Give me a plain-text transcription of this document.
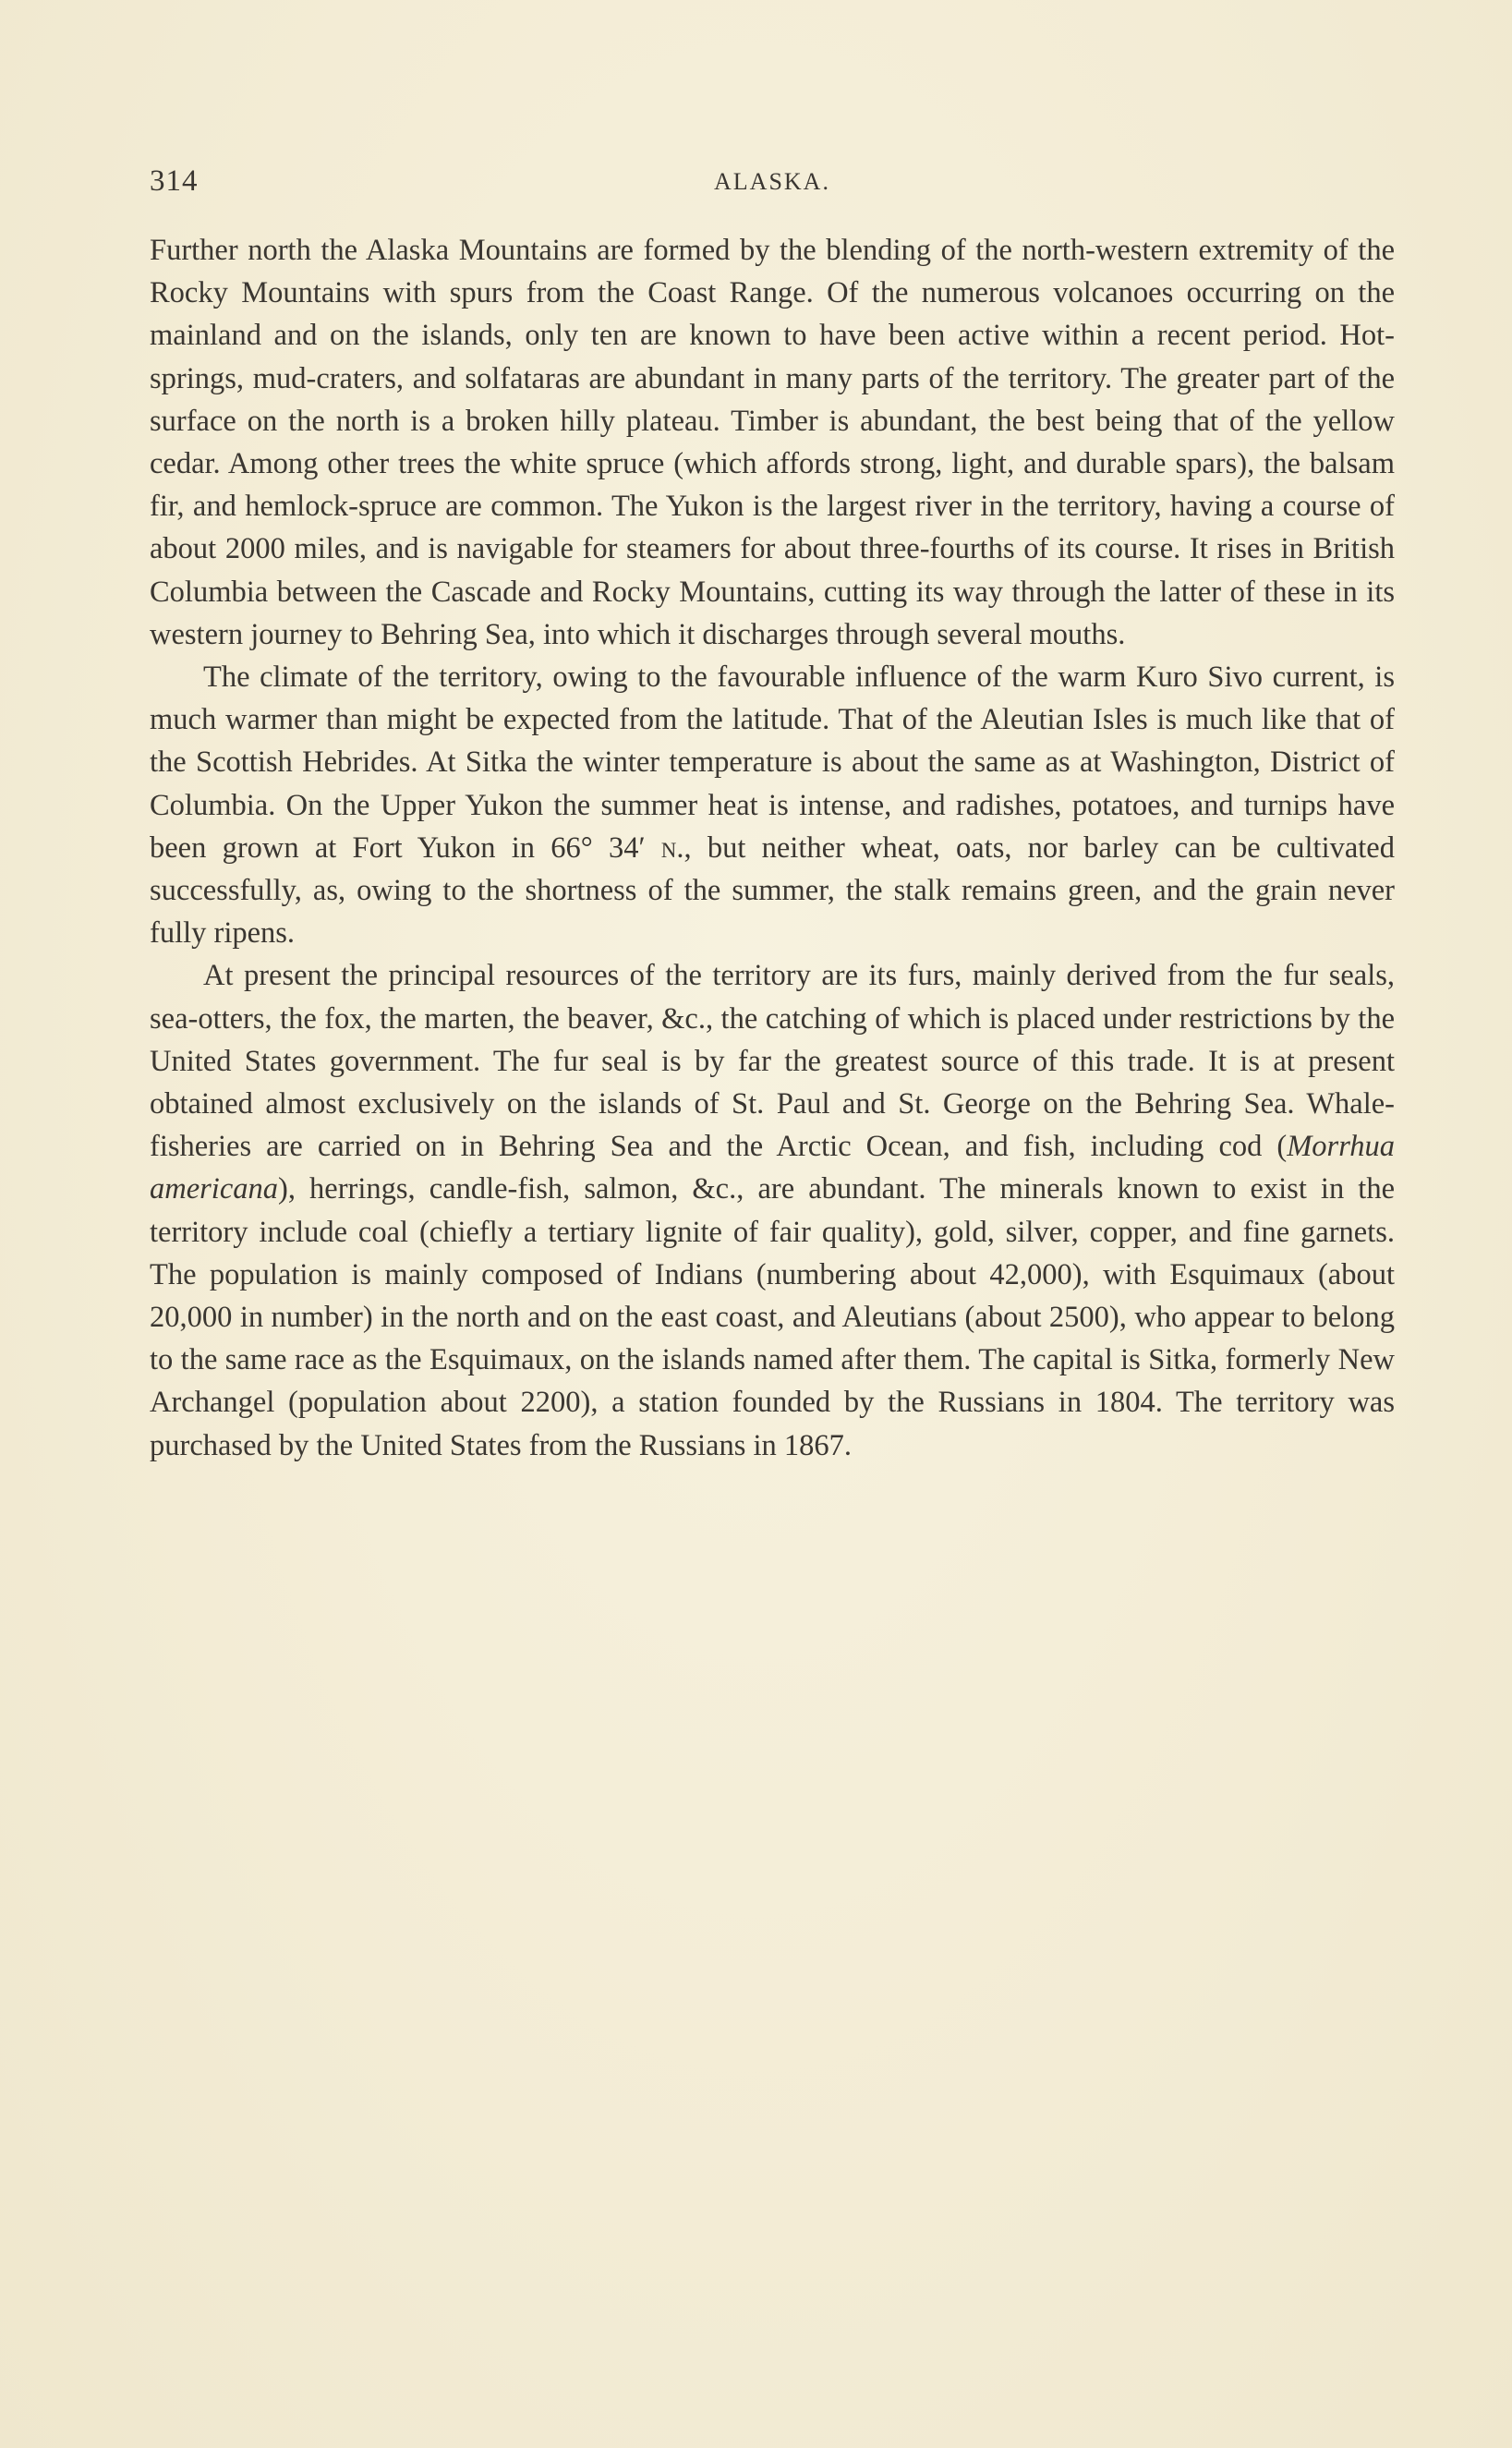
314	ALASKA.

Further north the Alaska Mountains are formed by the blending of the north-western extremity of the Rocky Mountains with spurs from the Coast Range. Of the numerous volcanoes occurring on the mainland and on the islands, only ten are known to have been active within a recent period. Hot-springs, mud-craters, and solfataras are abundant in many parts of the territory. The greater part of the surface on the north is a broken hilly plateau. Timber is abundant, the best being that of the yellow cedar. Among other trees the white spruce (which affords strong, light, and durable spars), the balsam fir, and hemlock-spruce are common. The Yukon is the largest river in the territory, having a course of about 2000 miles, and is navigable for steamers for about three-fourths of its course. It rises in British Columbia between the Cascade and Rocky Mountains, cutting its way through the latter of these in its western journey to Behring Sea, into which it discharges through several mouths.

The climate of the territory, owing to the favourable influence of the warm Kuro Sivo current, is much warmer than might be expected from the latitude. That of the Aleutian Isles is much like that of the Scottish Hebrides. At Sitka the winter temperature is about the same as at Washington, District of Columbia. On the Upper Yukon the summer heat is intense, and radishes, potatoes, and turnips have been grown at Fort Yukon in 66° 34′ n., but neither wheat, oats, nor barley can be cultivated successfully, as, owing to the shortness of the summer, the stalk remains green, and the grain never fully ripens.

At present the principal resources of the territory are its furs, mainly derived from the fur seals, sea-otters, the fox, the marten, the beaver, &c., the catching of which is placed under restrictions by the United States government. The fur seal is by far the greatest source of this trade. It is at present obtained almost exclusively on the islands of St. Paul and St. George on the Behring Sea. Whale-fisheries are carried on in Behring Sea and the Arctic Ocean, and fish, including cod (Morrhua americana), herrings, candle-fish, salmon, &c., are abundant. The minerals known to exist in the territory include coal (chiefly a tertiary lignite of fair quality), gold, silver, copper, and fine garnets. The population is mainly composed of Indians (numbering about 42,000), with Esquimaux (about 20,000 in number) in the north and on the east coast, and Aleutians (about 2500), who appear to belong to the same race as the Esquimaux, on the islands named after them. The capital is Sitka, formerly New Archangel (population about 2200), a station founded by the Russians in 1804. The territory was purchased by the United States from the Russians in 1867.
